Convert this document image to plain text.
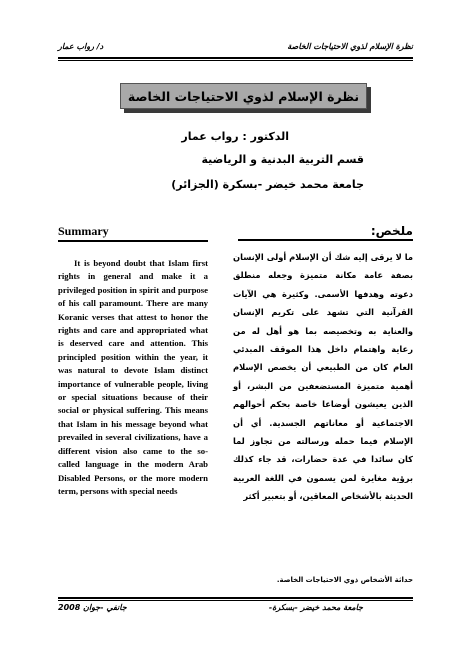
د/ رواب عمار	نظرة الإسلام لذوي الاحتياجات الخاصة
نظرة الإسلام لذوي الاحتياجات الخاصة
الدكتور : رواب عمار
قسم التربية البدنية و الرياضية
جامعة محمد خيضر -بسكرة (الجزائر)
Summary
It is beyond doubt that Islam first rights in general and make it a privileged position in spirit and purpose of his call paramount. There are many Koranic verses that attest to honor the rights and care and appropriated what is deserved care and attention. This principled position within the year, it was natural to devote Islam distinct importance of vulnerable people, living or special situations because of their social or physical suffering. This means that Islam in his message beyond what prevailed in several civilizations, have a different vision also came to the so-called language in the modern Arab Disabled Persons, or the more modern term, persons with special needs
ملخص:
ما لا يرقى إليه شك أن الإسلام أولى الإنسان بصفة عامة مكانة متميزة وجعله منطلق دعوته وهدفها الأسمى. وكثيرة هي الآيات القرآنية التي تشهد على تكريم الإنسان والعناية به وتخصيصه بما هو أهل له من رعاية واهتمام داخل هذا الموقف المبدئي العام كان من الطبيعي أن يخصص الإسلام أهمية متميزة المستضعفين من البشر، أو الذين يعيشون أوضاعا خاصة بحكم أحوالهم الاجتماعية أو معاناتهم الجسدية. أي أن الإسلام فيما حمله ورسالته من تجاوز لما كان سائدا في عدة حضارات، قد جاء كذلك برؤية مغايرة لمن يسمون في اللغة العربية الحديثة بالأشخاص المعاقين، أو بتعبير أكثر
حداثة الأشخاص ذوي الاحتياجات الخاصة.
جانفي -جوان 2008	جامعة محمد خيضر -بسكرة-
